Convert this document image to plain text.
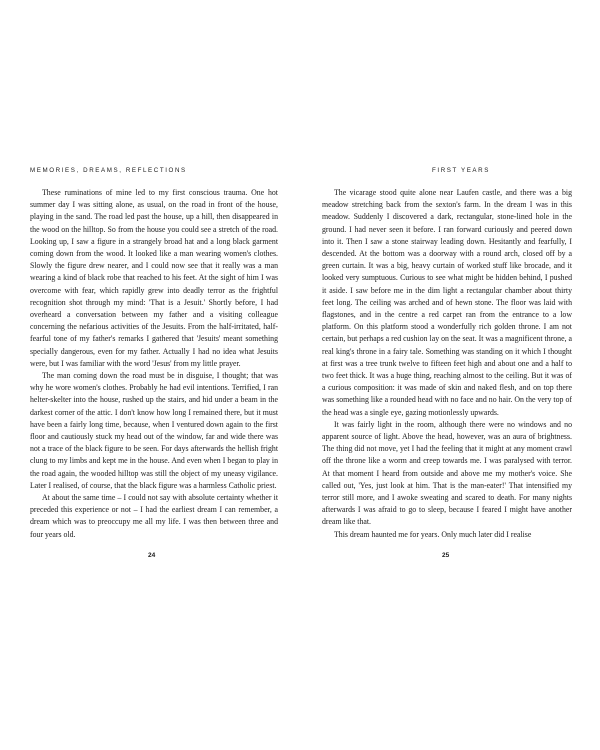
MEMORIES, DREAMS, REFLECTIONS

These ruminations of mine led to my first conscious trauma. One hot summer day I was sitting alone, as usual, on the road in front of the house, playing in the sand. The road led past the house, up a hill, then disappeared in the wood on the hilltop. So from the house you could see a stretch of the road. Looking up, I saw a figure in a strangely broad hat and a long black garment coming down from the wood. It looked like a man wearing women's clothes. Slowly the figure drew nearer, and I could now see that it really was a man wearing a kind of black robe that reached to his feet. At the sight of him I was overcome with fear, which rapidly grew into deadly terror as the frightful recognition shot through my mind: 'That is a Jesuit.' Shortly before, I had overheard a conversation between my father and a visiting colleague concerning the nefarious activities of the Jesuits. From the half-irritated, half-fearful tone of my father's remarks I gathered that 'Jesuits' meant something specially dangerous, even for my father. Actually I had no idea what Jesuits were, but I was familiar with the word 'Jesus' from my little prayer.

The man coming down the road must be in disguise, I thought; that was why he wore women's clothes. Probably he had evil intentions. Terrified, I ran helter-skelter into the house, rushed up the stairs, and hid under a beam in the darkest corner of the attic. I don't know how long I remained there, but it must have been a fairly long time, because, when I ventured down again to the first floor and cautiously stuck my head out of the window, far and wide there was not a trace of the black figure to be seen. For days afterwards the hellish fright clung to my limbs and kept me in the house. And even when I began to play in the road again, the wooded hilltop was still the object of my uneasy vigilance. Later I realised, of course, that the black figure was a harmless Catholic priest.

At about the same time – I could not say with absolute certainty whether it preceded this experience or not – I had the earliest dream I can remember, a dream which was to preoccupy me all my life. I was then between three and four years old.

24
FIRST YEARS

The vicarage stood quite alone near Laufen castle, and there was a big meadow stretching back from the sexton's farm. In the dream I was in this meadow. Suddenly I discovered a dark, rectangular, stone-lined hole in the ground. I had never seen it before. I ran forward curiously and peered down into it. Then I saw a stone stairway leading down. Hesitantly and fearfully, I descended. At the bottom was a doorway with a round arch, closed off by a green curtain. It was a big, heavy curtain of worked stuff like brocade, and it looked very sumptuous. Curious to see what might be hidden behind, I pushed it aside. I saw before me in the dim light a rectangular chamber about thirty feet long. The ceiling was arched and of hewn stone. The floor was laid with flagstones, and in the centre a red carpet ran from the entrance to a low platform. On this platform stood a wonderfully rich golden throne. I am not certain, but perhaps a red cushion lay on the seat. It was a magnificent throne, a real king's throne in a fairy tale. Something was standing on it which I thought at first was a tree trunk twelve to fifteen feet high and about one and a half to two feet thick. It was a huge thing, reaching almost to the ceiling. But it was of a curious composition: it was made of skin and naked flesh, and on top there was something like a rounded head with no face and no hair. On the very top of the head was a single eye, gazing motionlessly upwards.

It was fairly light in the room, although there were no windows and no apparent source of light. Above the head, however, was an aura of brightness. The thing did not move, yet I had the feeling that it might at any moment crawl off the throne like a worm and creep towards me. I was paralysed with terror. At that moment I heard from outside and above me my mother's voice. She called out, 'Yes, just look at him. That is the man-eater!' That intensified my terror still more, and I awoke sweating and scared to death. For many nights afterwards I was afraid to go to sleep, because I feared I might have another dream like that.

This dream haunted me for years. Only much later did I realise

25
